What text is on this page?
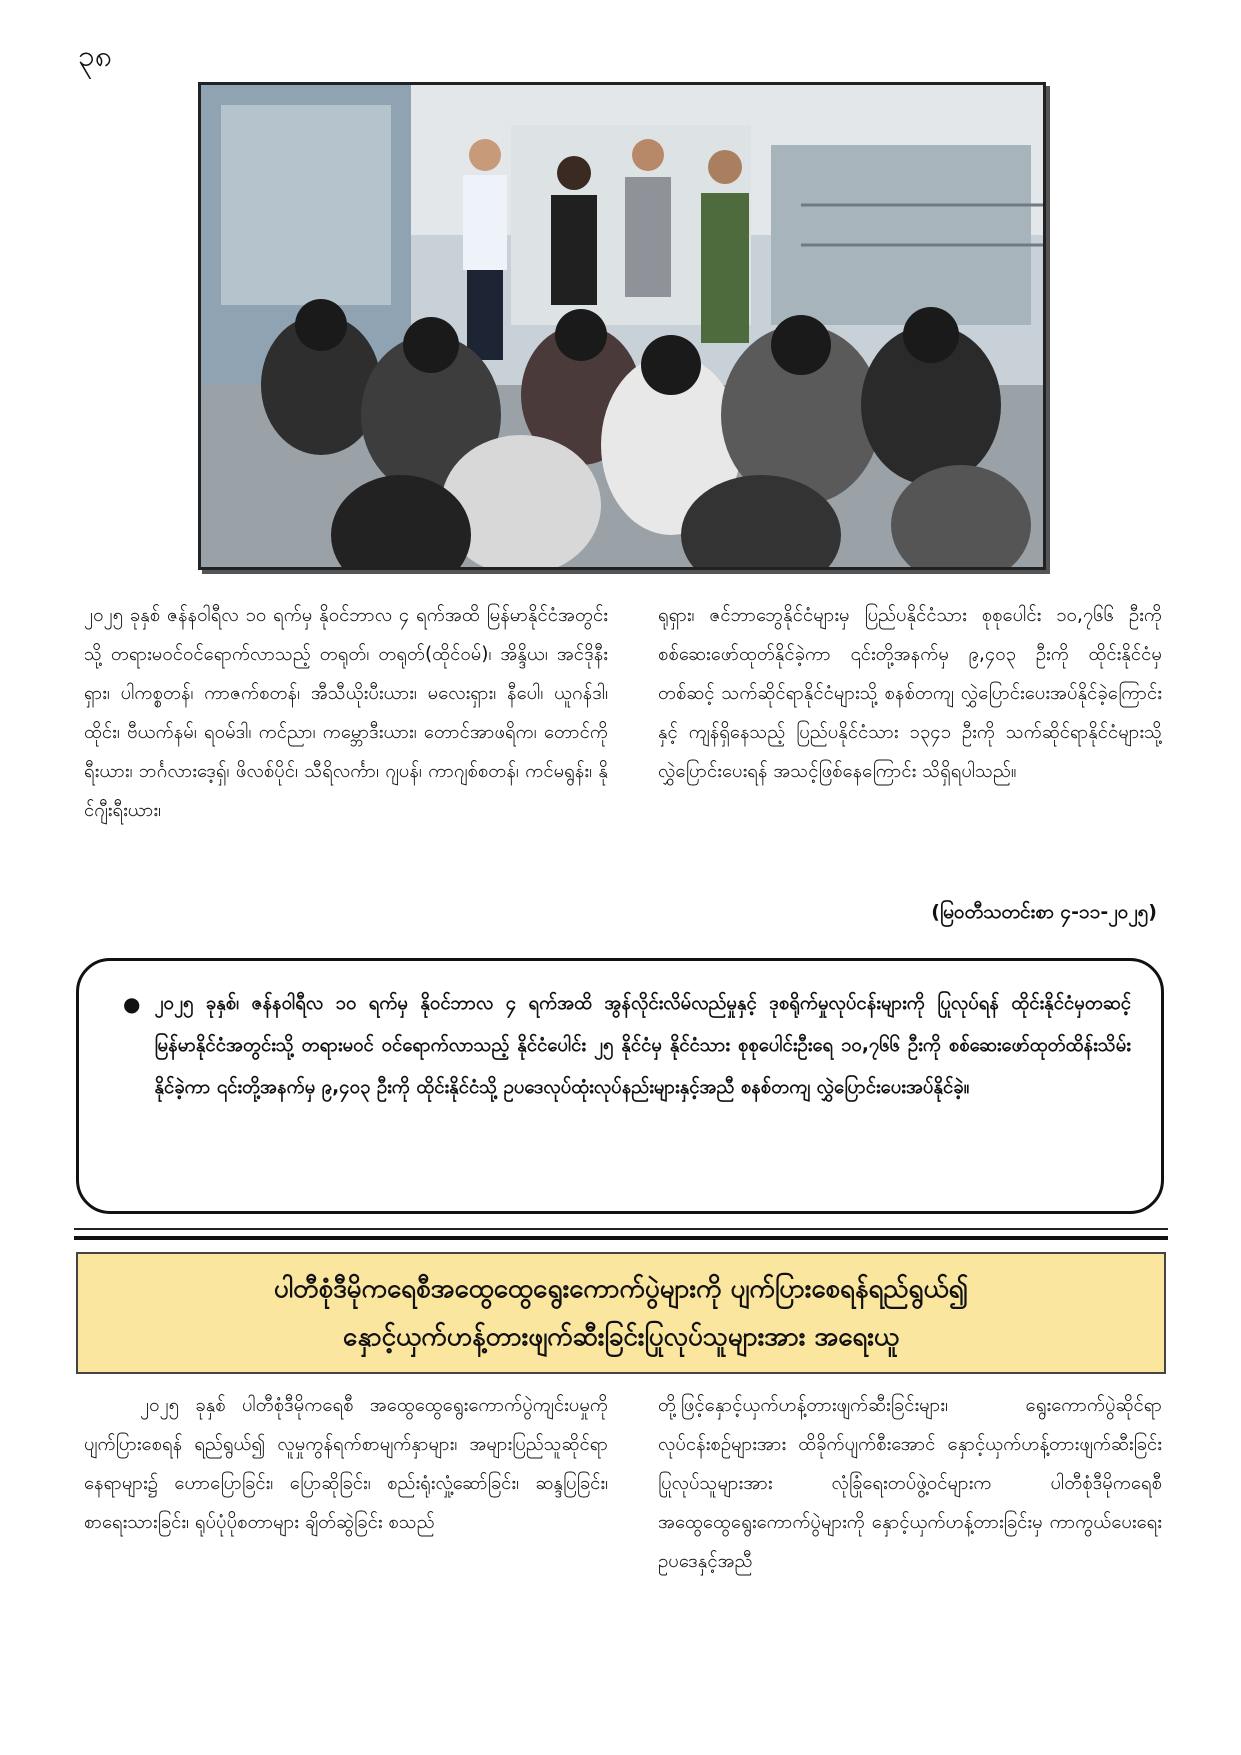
၃၈

၂၀၂၅ ခုနှစ် ဇန်နဝါရီလ ၁၀ ရက်မှ နိုဝင်ဘာလ ၄ ရက်အထိ မြန်မာနိုင်ငံအတွင်းသို့ တရားမဝင်ဝင်ရောက်လာသည့် တရုတ်၊ တရုတ်(ထိုင်ဝမ်)၊ အိန္ဒိယ၊ အင်ဒိုနီးရှား၊ ပါကစ္စတန်၊ ကာဇက်စတန်၊ အီသီယိုးပီးယား၊ မလေးရှား၊ နီပေါ၊ ယူဂန်ဒါ၊ ထိုင်း၊ ဗီယက်နမ်၊ ရဝမ်ဒါ၊ ကင်ညာ၊ ကမ္ဘောဒီးယား၊ တောင်အာဖရိက၊ တောင်ကိုရီးယား၊ ဘင်္ဂလားဒေ့ရှ်၊ ဖိလစ်ပိုင်၊ သီရိလင်္ကာ၊ ဂျပန်၊ ကာဂျစ်စတန်၊ ကင်မရွန်း၊ နိုင်ဂျီးရီးယား၊

ရုရှား၊ ဇင်ဘာဘွေနိုင်ငံများမှ ပြည်ပနိုင်ငံသား စုစုပေါင်း ၁၀,၇၆၆ ဦးကို စစ်ဆေးဖော်ထုတ်နိုင်ခဲ့ကာ ၎င်းတို့အနက်မှ ၉,၄၀၃ ဦးကို ထိုင်းနိုင်ငံမှတစ်ဆင့် သက်ဆိုင်ရာနိုင်ငံများသို့ စနစ်တကျ လွှဲပြောင်းပေးအပ်နိုင်ခဲ့ကြောင်းနှင့် ကျန်ရှိနေသည့် ပြည်ပနိုင်ငံသား ၁၃၄၁ ဦးကို သက်ဆိုင်ရာနိုင်ငံများသို့ လွှဲပြောင်းပေးရန် အသင့်ဖြစ်နေကြောင်း သိရှိရပါသည်။

(မြဝတီသတင်းစာ ၄-၁၁-၂၀၂၅)
● ၂၀၂၅ ခုနှစ်၊ ဇန်နဝါရီလ ၁၀ ရက်မှ နိုဝင်ဘာလ ၄ ရက်အထိ အွန်လိုင်းလိမ်လည်မှုနှင့် ဒုစရိုက်မှုလုပ်ငန်းများကို ပြုလုပ်ရန် ထိုင်းနိုင်ငံမှတဆင့် မြန်မာနိုင်ငံအတွင်းသို့ တရားမဝင် ဝင်ရောက်လာသည့် နိုင်ငံပေါင်း ၂၅ နိုင်ငံမှ နိုင်ငံသား စုစုပေါင်းဦးရေ ၁၀,၇၆၆ ဦးကို စစ်ဆေးဖော်ထုတ်ထိန်းသိမ်းနိုင်ခဲ့ကာ ၎င်းတို့အနက်မှ ၉,၄၀၃ ဦးကို ထိုင်းနိုင်ငံသို့ ဥပဒေလုပ်ထုံးလုပ်နည်းများနှင့်အညီ စနစ်တကျ လွှဲပြောင်းပေးအပ်နိုင်ခဲ့။

ပါတီစုံဒီမိုကရေစီအထွေထွေရွေးကောက်ပွဲများကို ပျက်ပြားစေရန်ရည်ရွယ်၍
နှောင့်ယှက်ဟန့်တားဖျက်ဆီးခြင်းပြုလုပ်သူများအား အရေးယူ

၂၀၂၅ ခုနှစ် ပါတီစုံဒီမိုကရေစီ အထွေထွေရွေးကောက်ပွဲကျင်းပမှုကို ပျက်ပြားစေရန် ရည်ရွယ်၍ လူမှုကွန်ရက်စာမျက်နှာများ၊ အများပြည်သူဆိုင်ရာနေရာများ၌ ဟောပြောခြင်း၊ ပြောဆိုခြင်း၊ စည်းရုံးလှုံ့ဆော်ခြင်း၊ ဆန္ဒပြခြင်း၊ စာရေးသားခြင်း၊ ရုပ်ပုံပိုစတာများ ချိတ်ဆွဲခြင်း စသည်

တို့ဖြင့်နှောင့်ယှက်ဟန့်တားဖျက်ဆီးခြင်းများ၊ ရွေးကောက်ပွဲဆိုင်ရာလုပ်ငန်းစဉ်များအား ထိခိုက်ပျက်စီးအောင် နှောင့်ယှက်ဟန့်တားဖျက်ဆီးခြင်း ပြုလုပ်သူများအား လုံခြုံရေးတပ်ဖွဲ့ဝင်များက ပါတီစုံဒီမိုကရေစီအထွေထွေရွေးကောက်ပွဲများကို နှောင့်ယှက်ဟန့်တားခြင်းမှ ကာကွယ်ပေးရေးဥပဒေနှင့်အညီ
